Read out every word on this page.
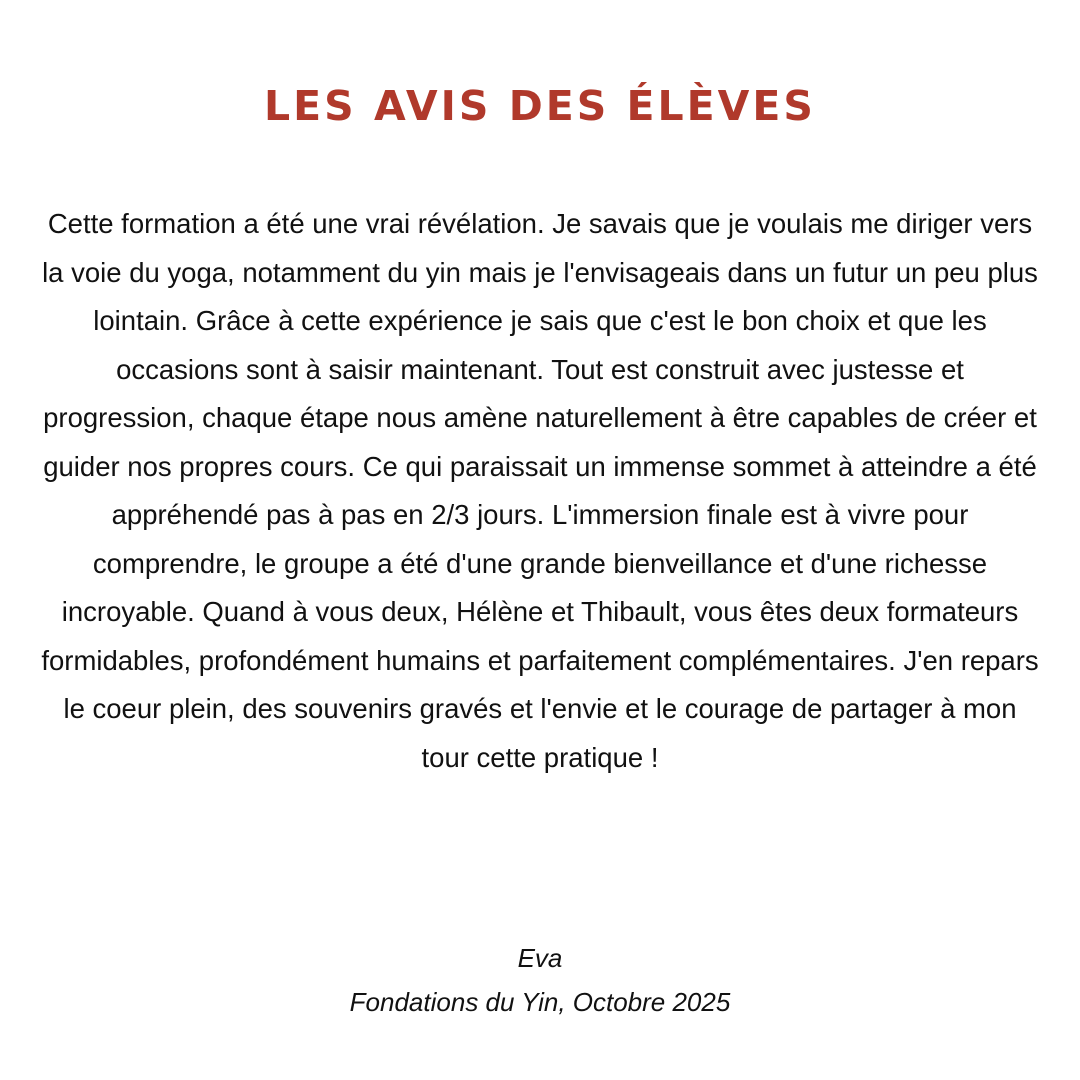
LES AVIS DES ÉLÈVES

Cette formation a été une vrai révélation. Je savais que je voulais me diriger vers la voie du yoga, notamment du yin mais je l'envisageais dans un futur un peu plus lointain. Grâce à cette expérience je sais que c'est le bon choix et que les occasions sont à saisir maintenant. Tout est construit avec justesse et progression, chaque étape nous amène naturellement à être capables de créer et guider nos propres cours. Ce qui paraissait un immense sommet à atteindre a été appréhendé pas à pas en 2/3 jours. L'immersion finale est à vivre pour comprendre, le groupe a été d'une grande bienveillance et d'une richesse incroyable. Quand à vous deux, Hélène et Thibault, vous êtes deux formateurs formidables, profondément humains et parfaitement complémentaires. J'en repars le coeur plein, des souvenirs gravés et l'envie et le courage de partager à mon tour cette pratique !

Eva

Fondations du Yin, Octobre 2025
